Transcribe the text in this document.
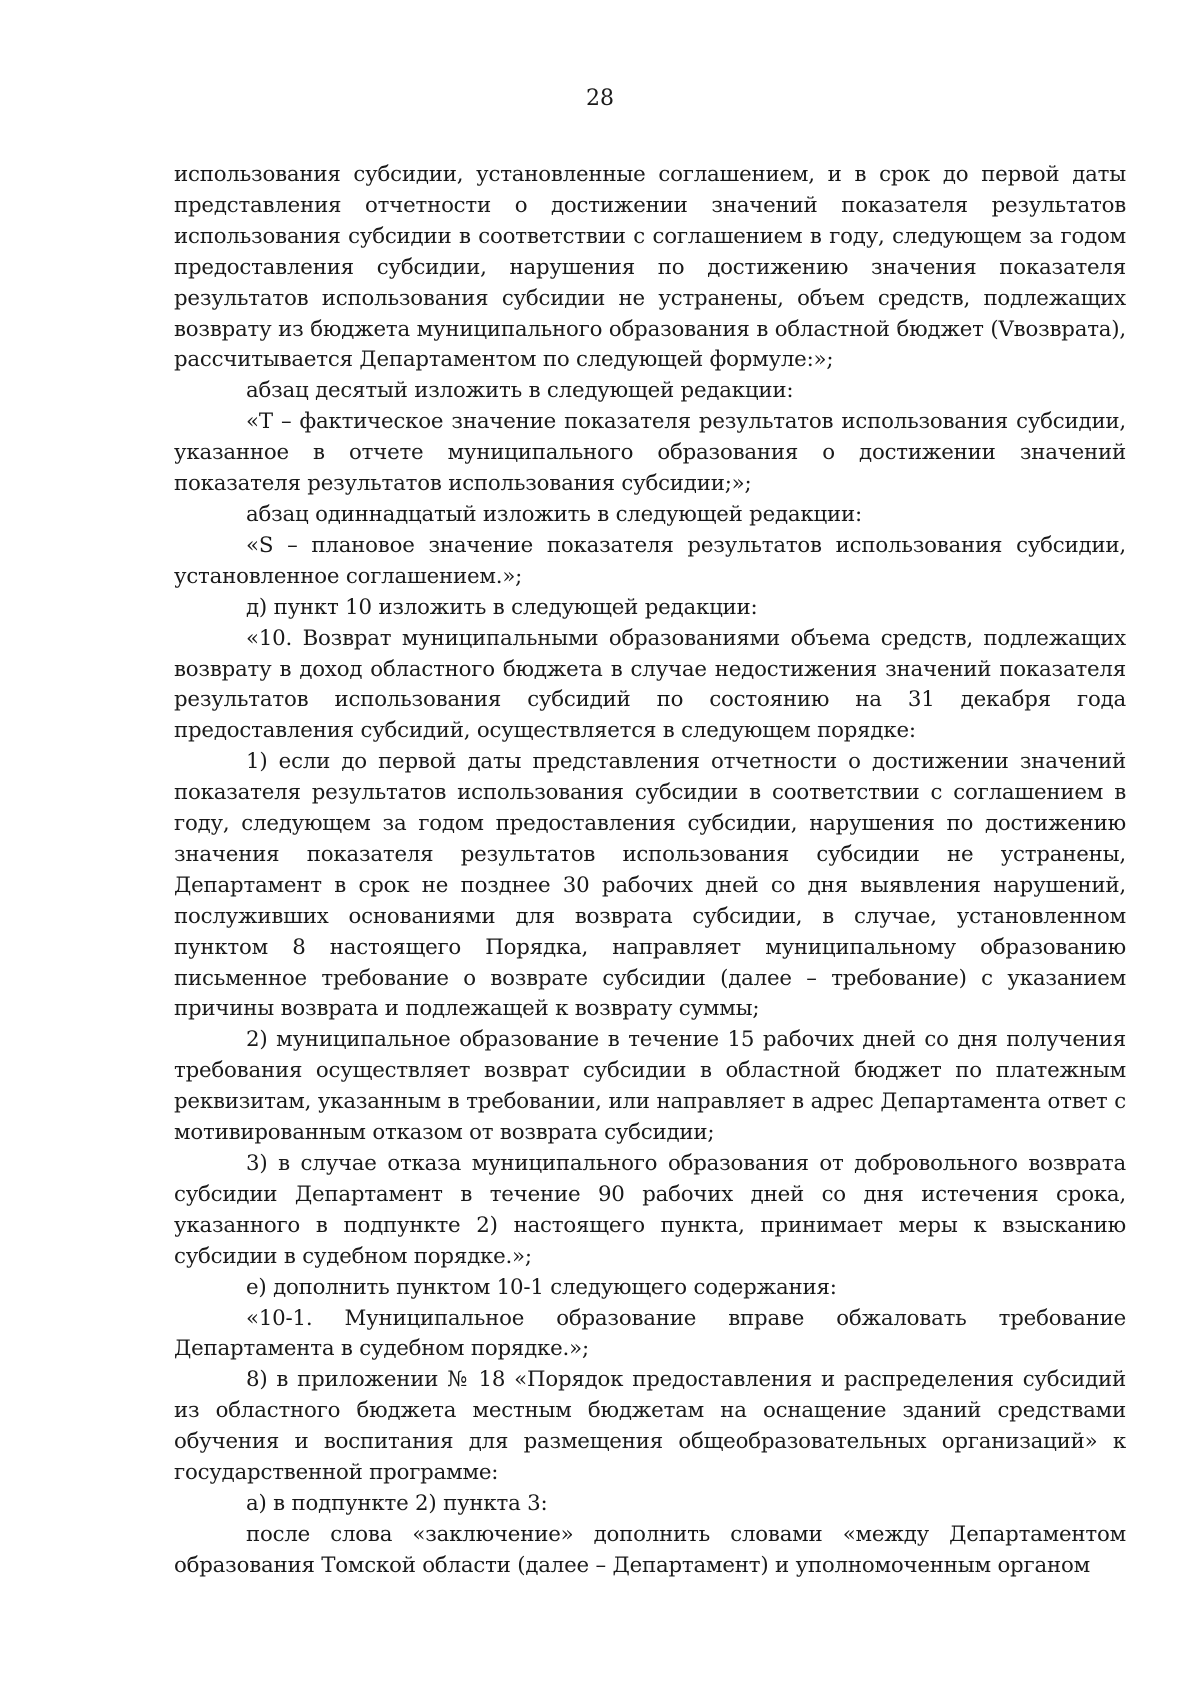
28

использования субсидии, установленные соглашением, и в срок до первой даты представления отчетности о достижении значений показателя результатов использования субсидии в соответствии с соглашением в году, следующем за годом предоставления субсидии, нарушения по достижению значения показателя результатов использования субсидии не устранены, объем средств, подлежащих возврату из бюджета муниципального образования в областной бюджет (Vвозврата), рассчитывается Департаментом по следующей формуле:»;

абзац десятый изложить в следующей редакции:

«T – фактическое значение показателя результатов использования субсидии, указанное в отчете муниципального образования о достижении значений показателя результатов использования субсидии;»;

абзац одиннадцатый изложить в следующей редакции:

«S – плановое значение показателя результатов использования субсидии, установленное соглашением.»;

д) пункт 10 изложить в следующей редакции:

«10. Возврат муниципальными образованиями объема средств, подлежащих возврату в доход областного бюджета в случае недостижения значений показателя результатов использования субсидий по состоянию на 31 декабря года предоставления субсидий, осуществляется в следующем порядке:

1) если до первой даты представления отчетности о достижении значений показателя результатов использования субсидии в соответствии с соглашением в году, следующем за годом предоставления субсидии, нарушения по достижению значения показателя результатов использования субсидии не устранены, Департамент в срок не позднее 30 рабочих дней со дня выявления нарушений, послуживших основаниями для возврата субсидии, в случае, установленном пунктом 8 настоящего Порядка, направляет муниципальному образованию письменное требование о возврате субсидии (далее – требование) с указанием причины возврата и подлежащей к возврату суммы;

2) муниципальное образование в течение 15 рабочих дней со дня получения требования осуществляет возврат субсидии в областной бюджет по платежным реквизитам, указанным в требовании, или направляет в адрес Департамента ответ с мотивированным отказом от возврата субсидии;

3) в случае отказа муниципального образования от добровольного возврата субсидии Департамент в течение 90 рабочих дней со дня истечения срока, указанного в подпункте 2) настоящего пункта, принимает меры к взысканию субсидии в судебном порядке.»;

е) дополнить пунктом 10-1 следующего содержания:

«10-1. Муниципальное образование вправе обжаловать требование Департамента в судебном порядке.»;

8) в приложении № 18 «Порядок предоставления и распределения субсидий из областного бюджета местным бюджетам на оснащение зданий средствами обучения и воспитания для размещения общеобразовательных организаций» к государственной программе:

а) в подпункте 2) пункта 3:

после слова «заключение» дополнить словами «между Департаментом образования Томской области (далее – Департамент) и уполномоченным органом
